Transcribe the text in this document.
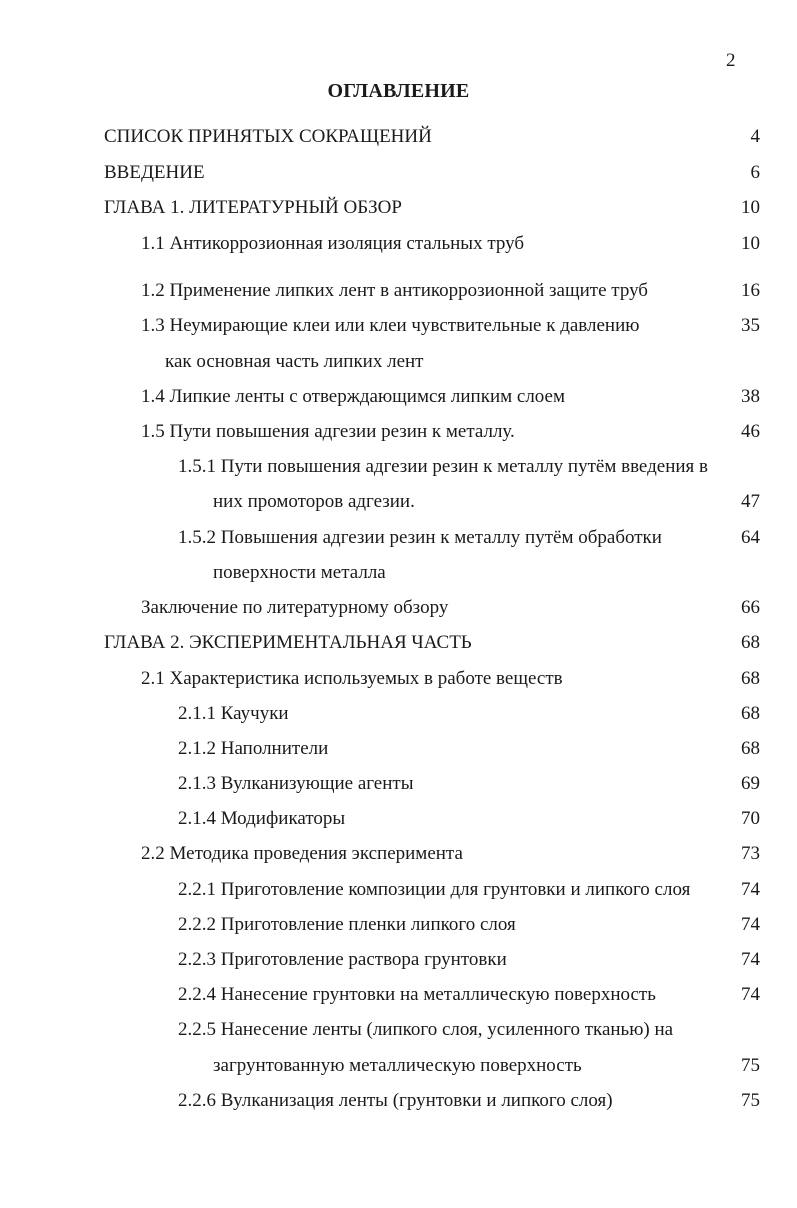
2
ОГЛАВЛЕНИЕ
СПИСОК ПРИНЯТЫХ СОКРАЩЕНИЙ	4
ВВЕДЕНИЕ	6
ГЛАВА 1. ЛИТЕРАТУРНЫЙ ОБЗОР	10
1.1 Антикоррозионная изоляция стальных труб	10
1.2 Применение липких лент в антикоррозионной защите труб	16
1.3 Неумирающие клеи или клеи чувствительные к давлению	35
как основная часть липких лент
1.4 Липкие ленты с отверждающимся липким слоем	38
1.5 Пути повышения адгезии резин к металлу.	46
1.5.1 Пути повышения адгезии резин к металлу путём введения в
них промоторов адгезии.	47
1.5.2 Повышения адгезии резин к металлу путём обработки	64
поверхности металла
Заключение по литературному обзору	66
ГЛАВА 2. ЭКСПЕРИМЕНТАЛЬНАЯ ЧАСТЬ	68
2.1 Характеристика используемых в работе веществ	68
2.1.1 Каучуки	68
2.1.2 Наполнители	68
2.1.3 Вулканизующие агенты	69
2.1.4 Модификаторы	70
2.2 Методика проведения эксперимента	73
2.2.1 Приготовление композиции для грунтовки и липкого слоя	74
2.2.2 Приготовление пленки липкого слоя	74
2.2.3 Приготовление раствора грунтовки	74
2.2.4 Нанесение грунтовки на металлическую поверхность	74
2.2.5 Нанесение ленты (липкого слоя, усиленного тканью) на
загрунтованную металлическую поверхность	75
2.2.6 Вулканизация ленты (грунтовки и липкого слоя)	75
